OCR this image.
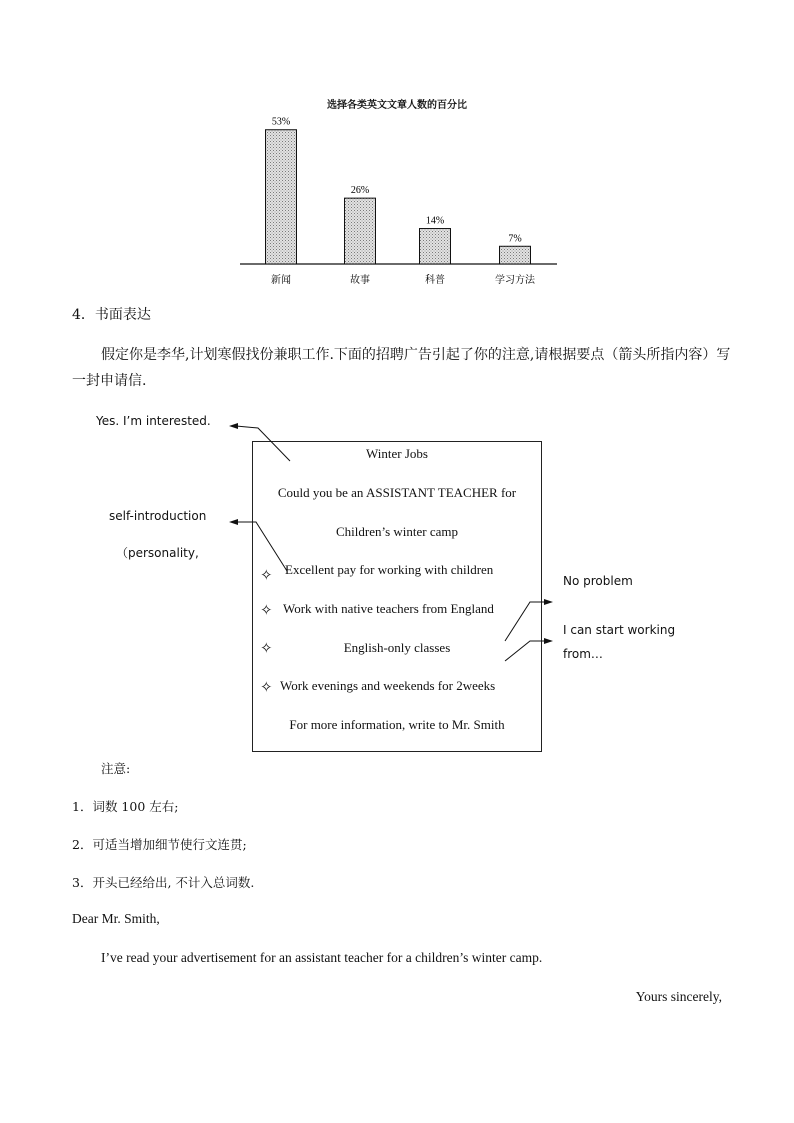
选择各类英文文章人数的百分比
53%
新闻
26%
故事
14%
科普
7%
学习方法
4．书面表达
假定你是李华,计划寒假找份兼职工作.下面的招聘广告引起了你的注意,请根据要点（箭头所指内容）写
一封申请信.
Yes. I’m interested.
self-introduction
（personality,
No problem
I can start working
from…
Winter Jobs
Could you be an ASSISTANT TEACHER for
Children’s winter camp
✧ Excellent pay for working with children
✧ Work with native teachers from England
✧	English-only classes
✧ Work evenings and weekends for 2weeks
For more information, write to Mr. Smith
注意:
1．词数 100 左右;
2．可适当增加细节使行文连贯;
3．开头已经给出, 不计入总词数.
Dear Mr. Smith,
I’ve read your advertisement for an assistant teacher for a children’s winter camp.
Yours sincerely,
